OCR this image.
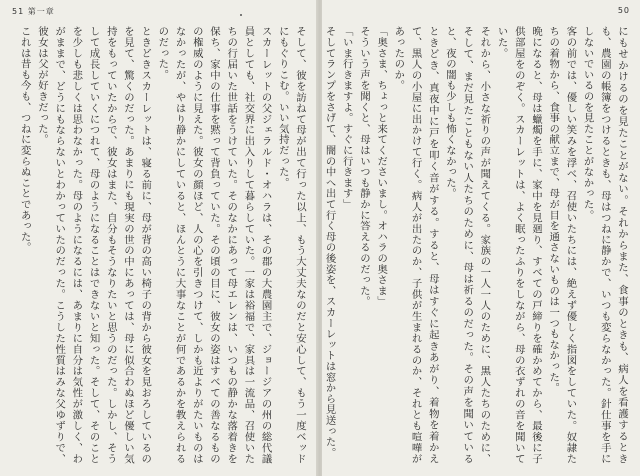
51 第一章
そして、彼を訪ねて母が出て行った以上、もう大丈夫なのだと安心して、もう一度ベッドにもぐりこむ。いい気持だった。
スカーレットの父ジェラルド・オハラは、その郡の大農園主で、ジョージアの州の総代議員としても、社交界に出入りして暮らしていた。一家は裕福で、家具は一流品、召使いたちの行届いた世話をうけていた。そのなかにあって母エレンは、いつもの静かな落着きを保ち、家中の仕事を黙って背負っていた。その頃の目に、彼女の姿はすべての善なるものの権威のように見えた。彼女の顔ほど、人の心を引きつけて、しかも近よりがたいものはなかったが、やはり静かにしていると、ほんとうに大事なことが何であるかを教えられるのだった。
ときどきスカーレットは、寝る前に、母が背の高い椅子の背から彼女を見おろしているのを見て、驚くのだった。あまりにも現実の世の中にあっては、母に似合わぬほど優しい気持をもっていたからで、彼女はまた、自分もそうなりたいと思うのだった。しかし、そうして成長していくにつれて、母のようになることはできないと知った。そして、そのことを少しも悲しくは思わなかった。母のようになるには、あまりに自分は気性が激しく、わがままで、どうにもならないとわかっていたのだった。こうした性質はみな父ゆずりで、彼女は父が好きだった。
これは昔も今も、つねに変らぬことであった。
50
にもせかけるのを見たことがない。それからまた、食事のときも、病人を看護するときも、農園の帳簿をつけるときも、母はつねに静かで、いつも変らなかった。針仕事を手にしないでいるのを見たことがなかった。
客の前では、優しい笑みを浮べ、召使いたちには、絶えず優しく指図をしていた。奴隷たちの着物から、食事の献立まで、母が目を通さないものは一つもなかった。
晩になると、母は蠟燭を手に、家中を見廻り、すべての戸締りを確かめてから、最後に子供部屋をのぞく。スカーレットは、よく眠ったふりをしながら、母の衣ずれの音を聞いていた。
それから、小さな祈りの声が聞えてくる。家族の一人一人のために、黒人たちのために、そして、まだ見たこともない人たちのために、母は祈るのだった。その声を聞いていると、夜の闇も少しも怖くなかった。
ときどき、真夜中に戸を叩く音がする。すると、母はすぐに起きあがり、着物を着かえて、黒人の小屋に出かけて行く。病人が出たのか、子供が生まれるのか、それとも喧嘩があったのか。
「奥さま、ちょっと来てくださいまし。オハラの奥さま」
そういう声を聞くと、母はいつも静かに答えるのだった。
「いま行きますよ。すぐに行きます」
そしてランプをさげて、闇の中へ出て行く母の後姿を、スカーレットは窓から見送った。
